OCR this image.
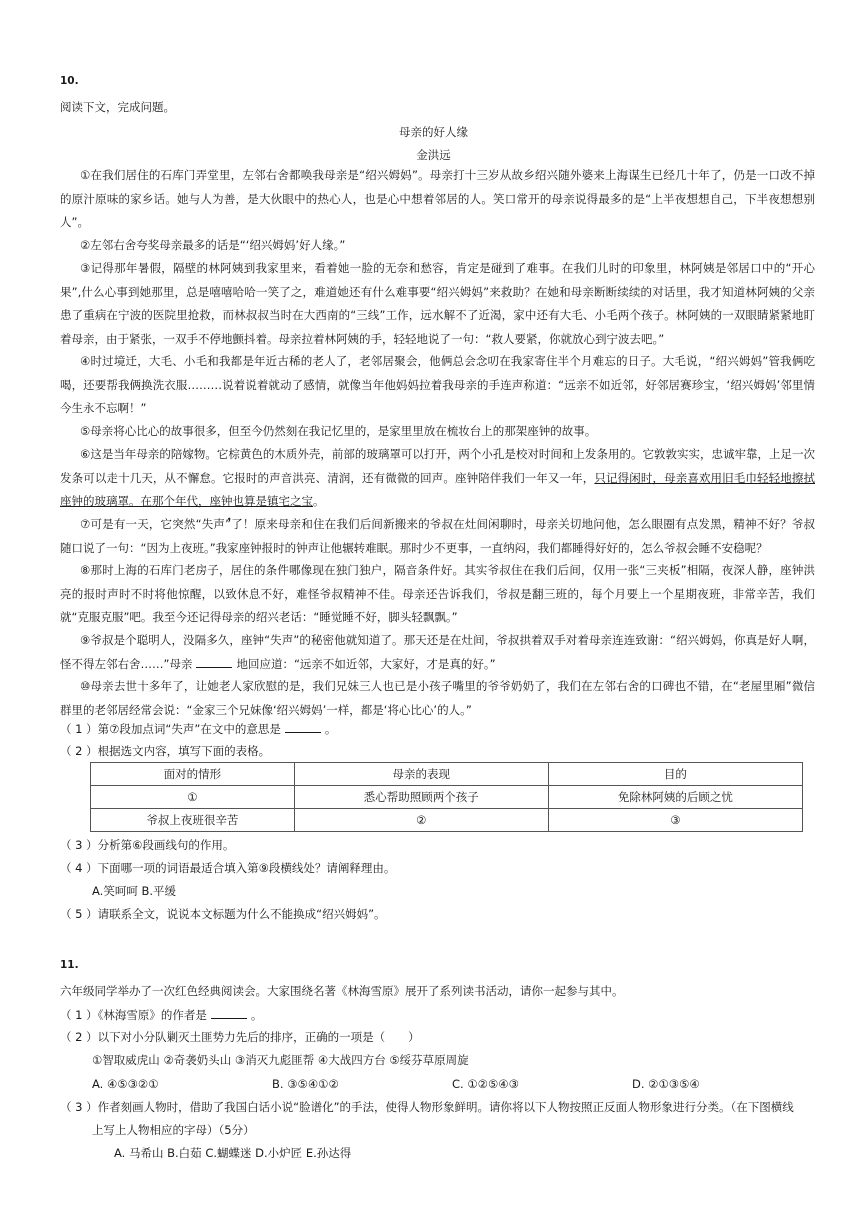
10.
阅读下文，完成问题。
母亲的好人缘
金洪远
①在我们居住的石库门弄堂里，左邻右舍都唤我母亲是“绍兴姆妈”。母亲打十三岁从故乡绍兴随外婆来上海谋生已经几十年了，仍是一口改不掉的原汁原味的家乡话。她与人为善，是大伙眼中的热心人，也是心中想着邻居的人。笑口常开的母亲说得最多的是“上半夜想想自己，下半夜想想别人”。
②左邻右舍夸奖母亲最多的话是“‘绍兴姆妈’好人缘。”
③记得那年暑假，隔壁的林阿姨到我家里来，看着她一脸的无奈和愁容，肯定是碰到了难事。在我们儿时的印象里，林阿姨是邻居口中的“开心果”,什么心事到她那里，总是嘻嘻哈哈一笑了之，难道她还有什么难事要“绍兴姆妈”来救助？在她和母亲断断续续的对话里，我才知道林阿姨的父亲患了重病在宁波的医院里抢救，而林叔叔当时在大西南的“三线”工作，远水解不了近渴，家中还有大毛、小毛两个孩子。林阿姨的一双眼睛紧紧地盯着母亲，由于紧张，一双手不停地颤抖着。母亲拉着林阿姨的手，轻轻地说了一句：“救人要紧，你就放心到宁波去吧。”
④时过境迁，大毛、小毛和我都是年近古稀的老人了，老邻居聚会，他俩总会念叨在我家寄住半个月难忘的日子。大毛说，“绍兴姆妈”管我俩吃喝，还要帮我俩换洗衣服………说着说着就动了感情，就像当年他妈妈拉着我母亲的手连声称道：“远亲不如近邻，好邻居赛珍宝，‘绍兴姆妈’邻里情今生永不忘啊！”
⑤母亲将心比心的故事很多，但至今仍然刻在我记忆里的，是家里里放在梳妆台上的那架座钟的故事。
⑥这是当年母亲的陪嫁物。它棕黄色的木质外壳，前部的玻璃罩可以打开，两个小孔是校对时间和上发条用的。它敦敦实实，忠诚牢靠，上足一次发条可以走十几天，从不懈怠。它报时的声音洪亮、清润，还有微微的回声。座钟陪伴我们一年又一年，只记得闲时，母亲喜欢用旧毛巾轻轻地擦拭座钟的玻璃罩。在那个年代，座钟也算是镇宅之宝。
⑦可是有一天，它突然“失声”了！原来母亲和住在我们后间新搬来的爷叔在灶间闲聊时，母亲关切地问他，怎么眼圈有点发黑，精神不好？爷叔随口说了一句：“因为上夜班。”我家座钟报时的钟声让他辗转难眠。那时少不更事，一直纳闷，我们都睡得好好的，怎么爷叔会睡不安稳呢？
⑧那时上海的石库门老房子，居住的条件哪像现在独门独户，隔音条件好。其实爷叔住在我们后间，仅用一张“三夹板”相隔，夜深人静，座钟洪亮的报时声时不时将他惊醒，以致休息不好，难怪爷叔精神不佳。母亲还告诉我们，爷叔是翻三班的，每个月要上一个星期夜班，非常辛苦，我们就“克服克服”吧。我至今还记得母亲的绍兴老话：“睡觉睡不好，脚头轻飘飘。”
⑨爷叔是个聪明人，没隔多久，座钟“失声”的秘密他就知道了。那天还是在灶间，爷叔拱着双手对着母亲连连致谢：“绍兴姆妈，你真是好人啊，怪不得左邻右舍……”母亲	地回应道：“远亲不如近邻，大家好，才是真的好。”
⑩母亲去世十多年了，让她老人家欣慰的是，我们兄妹三人也已是小孩子嘴里的爷爷奶奶了，我们在左邻右舍的口碑也不错，在“老屋里厢”微信群里的老邻居经常会说：“金家三个兄妹像‘绍兴姆妈’一样，都是‘将心比心’的人。”
（ 1 ）第⑦段加点词“失声”在文中的意思是	。
（ 2 ）根据选文内容，填写下面的表格。
面对的情形	母亲的表现	目的
①	悉心帮助照顾两个孩子	免除林阿姨的后顾之忧
爷叔上夜班很辛苦	②	③
（ 3 ）分析第⑥段画线句的作用。
（ 4 ）下面哪一项的词语最适合填入第⑨段横线处？请阐释理由。
A.笑呵呵 B.平缓
（ 5 ）请联系全文，说说本文标题为什么不能换成“绍兴姆妈”。
11.
六年级同学举办了一次红色经典阅读会。大家围绕名著《林海雪原》展开了系列读书活动，请你一起参与其中。
（ 1 ）《林海雪原》的作者是	。
（ 2 ）以下对小分队剿灭土匪势力先后的排序，正确的一项是（　　）
①智取威虎山 ②奇袭奶头山 ③消灭九彪匪帮 ④大战四方台 ⑤绥芬草原周旋
A. ④⑤③②①	B. ③⑤④①②	C. ①②⑤④③	D. ②①③⑤④
（ 3 ）作者刻画人物时，借助了我国白话小说“脸谱化”的手法，使得人物形象鲜明。请你将以下人物按照正反面人物形象进行分类。（在下图横线
上写上人物相应的字母）（5分）
A. 马希山 B.白茹 C.蝴蝶迷 D.小炉匠 E.孙达得
